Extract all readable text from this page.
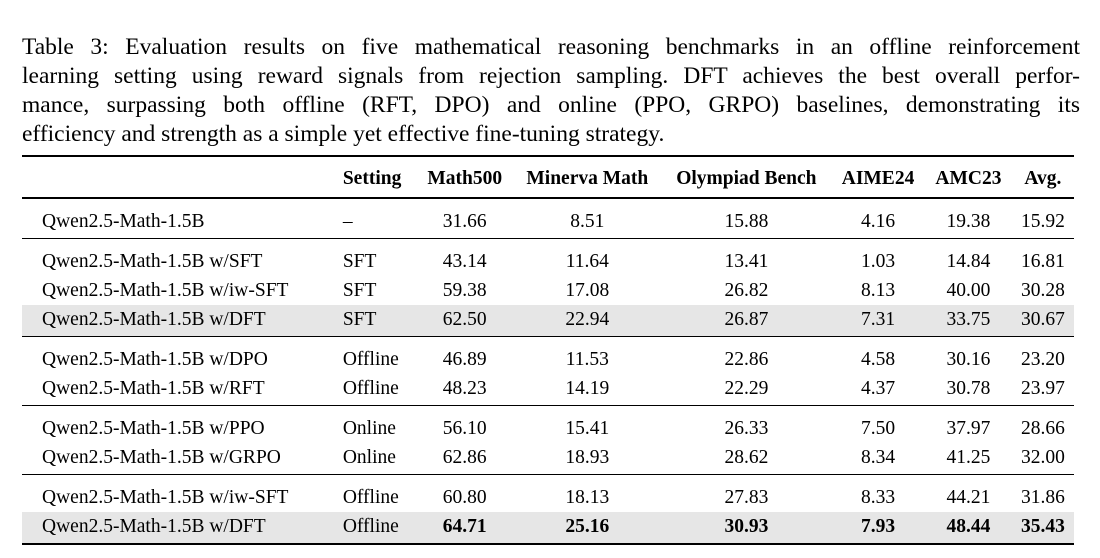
Table 3: Evaluation results on five mathematical reasoning benchmarks in an offline reinforcement
learning setting using reward signals from rejection sampling. DFT achieves the best overall perfor-
mance, surpassing both offline (RFT, DPO) and online (PPO, GRPO) baselines, demonstrating its
efficiency and strength as a simple yet effective fine-tuning strategy.
	Setting	Math500	Minerva Math	Olympiad Bench	AIME24	AMC23	Avg.
Qwen2.5-Math-1.5B	–	31.66	8.51	15.88	4.16	19.38	15.92
Qwen2.5-Math-1.5B w/SFT	SFT	43.14	11.64	13.41	1.03	14.84	16.81
Qwen2.5-Math-1.5B w/iw-SFT	SFT	59.38	17.08	26.82	8.13	40.00	30.28
Qwen2.5-Math-1.5B w/DFT	SFT	62.50	22.94	26.87	7.31	33.75	30.67
Qwen2.5-Math-1.5B w/DPO	Offline	46.89	11.53	22.86	4.58	30.16	23.20
Qwen2.5-Math-1.5B w/RFT	Offline	48.23	14.19	22.29	4.37	30.78	23.97
Qwen2.5-Math-1.5B w/PPO	Online	56.10	15.41	26.33	7.50	37.97	28.66
Qwen2.5-Math-1.5B w/GRPO	Online	62.86	18.93	28.62	8.34	41.25	32.00
Qwen2.5-Math-1.5B w/iw-SFT	Offline	60.80	18.13	27.83	8.33	44.21	31.86
Qwen2.5-Math-1.5B w/DFT	Offline	64.71	25.16	30.93	7.93	48.44	35.43
